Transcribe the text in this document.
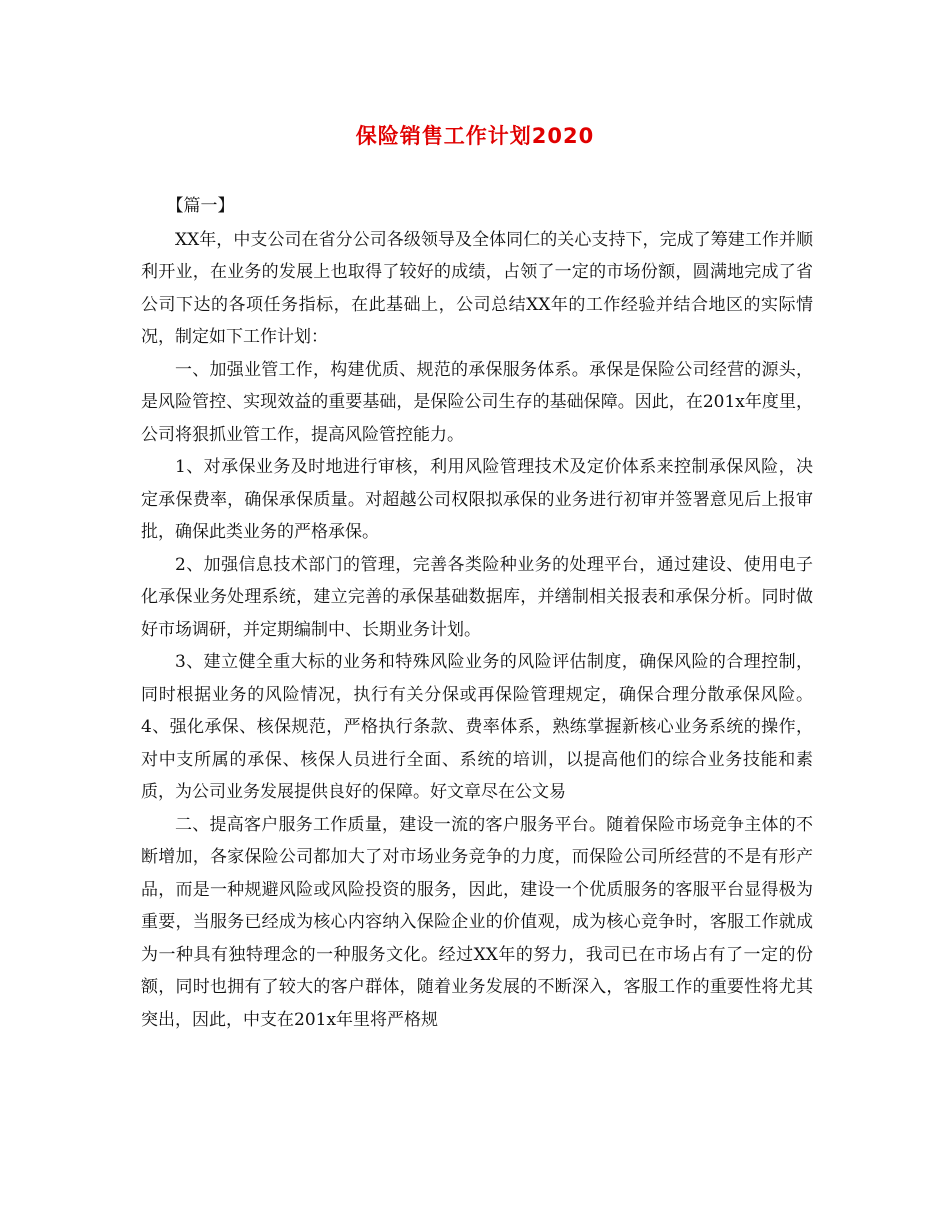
保险销售工作计划2020

【篇一】

XX年，中支公司在省分公司各级领导及全体同仁的关心支持下，完成了筹建工作并顺利开业，在业务的发展上也取得了较好的成绩，占领了一定的市场份额，圆满地完成了省公司下达的各项任务指标，在此基础上，公司总结XX年的工作经验并结合地区的实际情况，制定如下工作计划：

一、加强业管工作，构建优质、规范的承保服务体系。承保是保险公司经营的源头，是风险管控、实现效益的重要基础，是保险公司生存的基础保障。因此，在201x年度里，公司将狠抓业管工作，提高风险管控能力。

1、对承保业务及时地进行审核，利用风险管理技术及定价体系来控制承保风险，决定承保费率，确保承保质量。对超越公司权限拟承保的业务进行初审并签署意见后上报审批，确保此类业务的严格承保。

2、加强信息技术部门的管理，完善各类险种业务的处理平台，通过建设、使用电子化承保业务处理系统，建立完善的承保基础数据库，并缮制相关报表和承保分析。同时做好市场调研，并定期编制中、长期业务计划。

3、建立健全重大标的业务和特殊风险业务的风险评估制度，确保风险的合理控制，同时根据业务的风险情况，执行有关分保或再保险管理规定，确保合理分散承保风险。4、强化承保、核保规范，严格执行条款、费率体系，熟练掌握新核心业务系统的操作，对中支所属的承保、核保人员进行全面、系统的培训，以提高他们的综合业务技能和素质，为公司业务发展提供良好的保障。好文章尽在公文易

二、提高客户服务工作质量，建设一流的客户服务平台。随着保险市场竞争主体的不断增加，各家保险公司都加大了对市场业务竞争的力度，而保险公司所经营的不是有形产品，而是一种规避风险或风险投资的服务，因此，建设一个优质服务的客服平台显得极为重要，当服务已经成为核心内容纳入保险企业的价值观，成为核心竞争时，客服工作就成为一种具有独特理念的一种服务文化。经过XX年的努力，我司已在市场占有了一定的份额，同时也拥有了较大的客户群体，随着业务发展的不断深入，客服工作的重要性将尤其突出，因此，中支在201x年里将严格规
